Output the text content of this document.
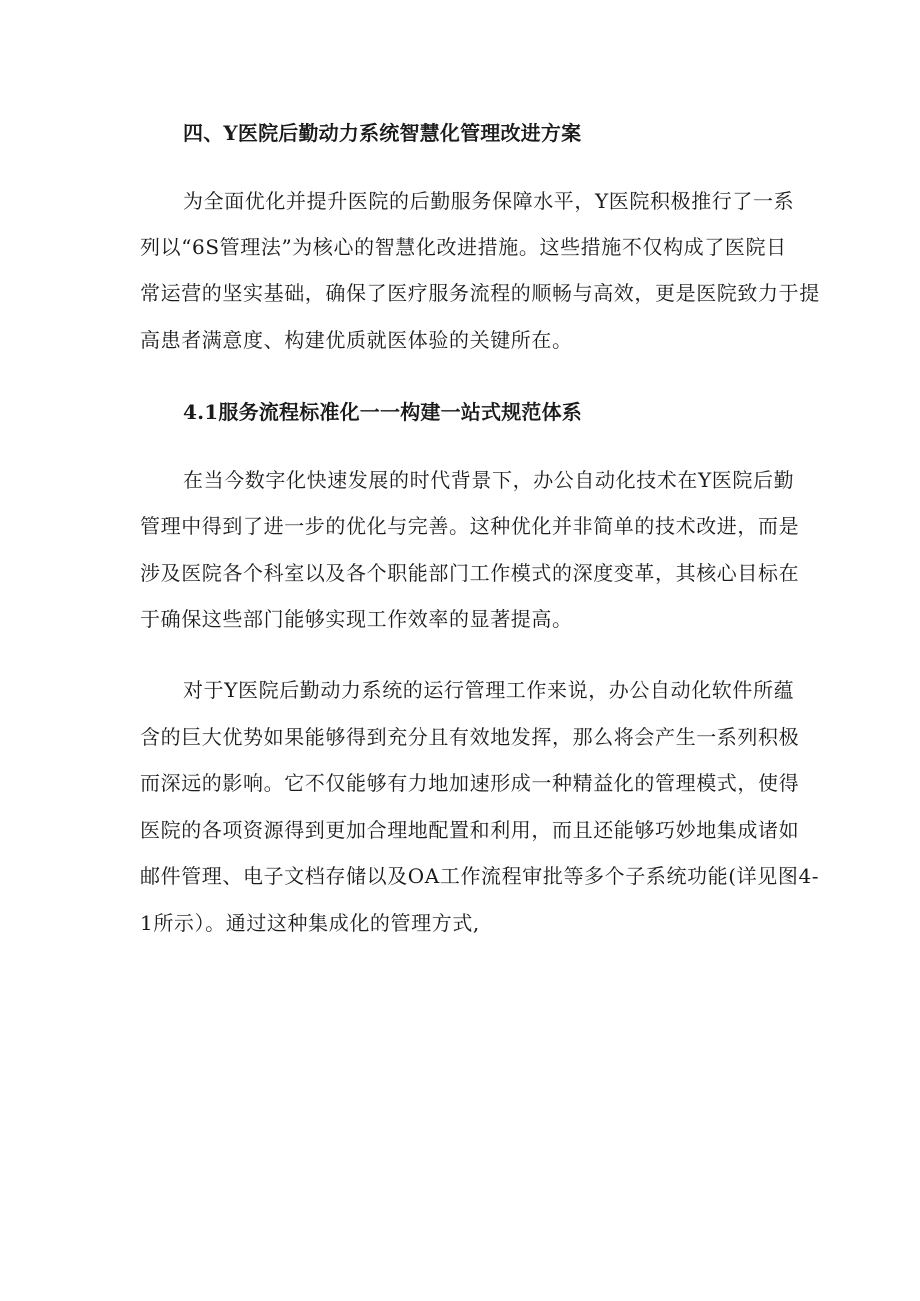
四、Y医院后勤动力系统智慧化管理改进方案
为全面优化并提升医院的后勤服务保障水平，Y医院积极推行了一系
列以“6S管理法”为核心的智慧化改进措施。这些措施不仅构成了医院日
常运营的坚实基础，确保了医疗服务流程的顺畅与高效，更是医院致力于提
高患者满意度、构建优质就医体验的关键所在。
4.1服务流程标准化一一构建一站式规范体系
在当今数字化快速发展的时代背景下，办公自动化技术在Y医院后勤
管理中得到了进一步的优化与完善。这种优化并非简单的技术改进，而是
涉及医院各个科室以及各个职能部门工作模式的深度变革，其核心目标在
于确保这些部门能够实现工作效率的显著提高。
对于Y医院后勤动力系统的运行管理工作来说，办公自动化软件所蕴
含的巨大优势如果能够得到充分且有效地发挥，那么将会产生一系列积极
而深远的影响。它不仅能够有力地加速形成一种精益化的管理模式，使得
医院的各项资源得到更加合理地配置和利用，而且还能够巧妙地集成诸如
邮件管理、电子文档存储以及OA工作流程审批等多个子系统功能(详见图4-
1所示）。通过这种集成化的管理方式,
